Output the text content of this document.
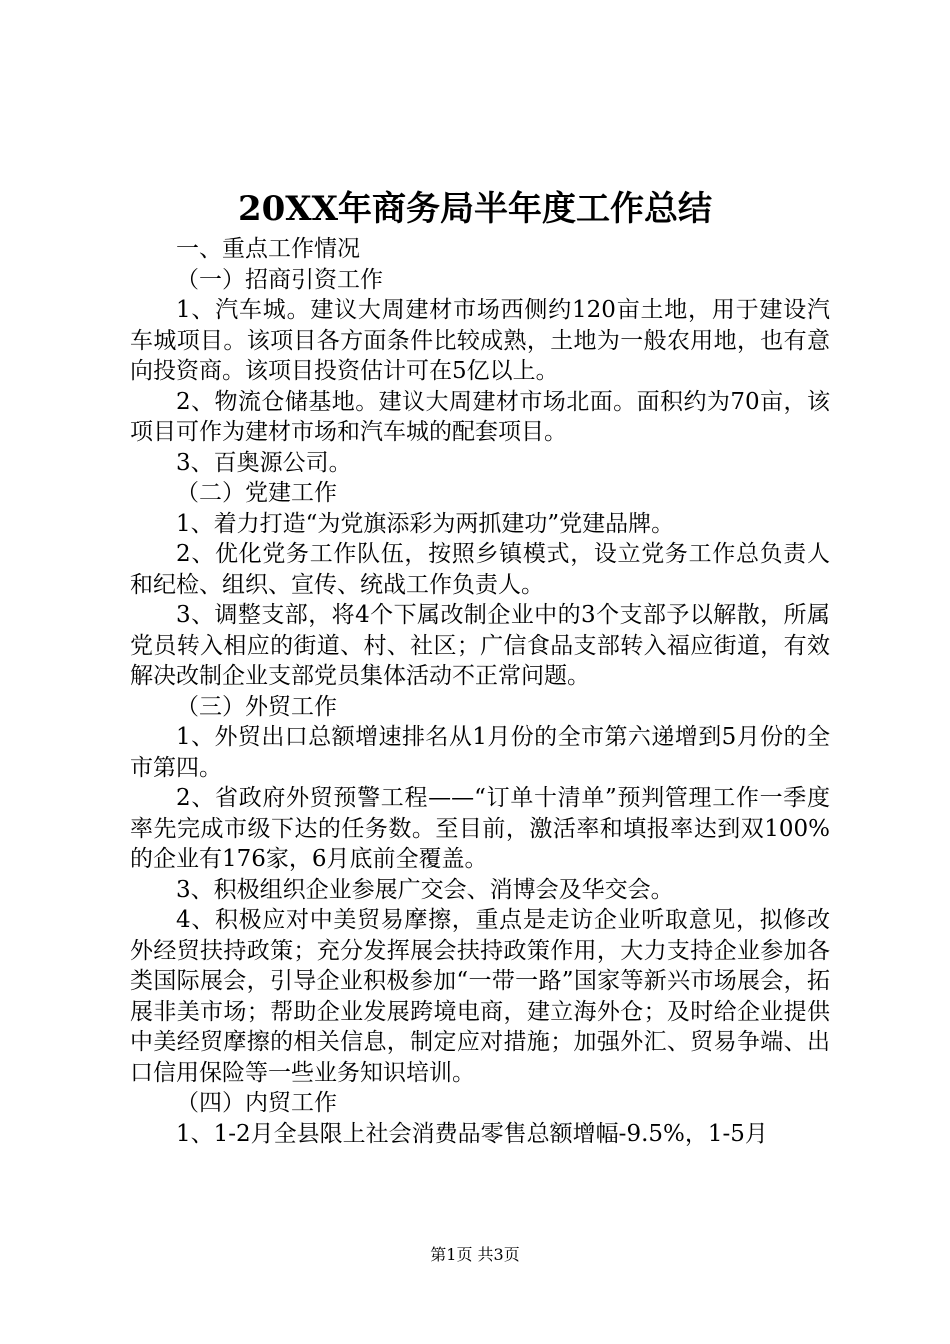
20XX年商务局半年度工作总结

一、重点工作情况

（一）招商引资工作

1、汽车城。建议大周建材市场西侧约120亩土地，用于建设汽车城项目。该项目各方面条件比较成熟，土地为一般农用地，也有意向投资商。该项目投资估计可在5亿以上。

2、物流仓储基地。建议大周建材市场北面。面积约为70亩，该项目可作为建材市场和汽车城的配套项目。

3、百奥源公司。

（二）党建工作

1、着力打造“为党旗添彩为两抓建功”党建品牌。

2、优化党务工作队伍，按照乡镇模式，设立党务工作总负责人和纪检、组织、宣传、统战工作负责人。

3、调整支部，将4个下属改制企业中的3个支部予以解散，所属党员转入相应的街道、村、社区；广信食品支部转入福应街道，有效解决改制企业支部党员集体活动不正常问题。

（三）外贸工作

1、外贸出口总额增速排名从1月份的全市第六递增到5月份的全市第四。

2、省政府外贸预警工程——“订单十清单”预判管理工作一季度率先完成市级下达的任务数。至目前，激活率和填报率达到双100%的企业有176家，6月底前全覆盖。

3、积极组织企业参展广交会、消博会及华交会。

4、积极应对中美贸易摩擦，重点是走访企业听取意见，拟修改外经贸扶持政策；充分发挥展会扶持政策作用，大力支持企业参加各类国际展会，引导企业积极参加“一带一路”国家等新兴市场展会，拓展非美市场；帮助企业发展跨境电商，建立海外仓；及时给企业提供中美经贸摩擦的相关信息，制定应对措施；加强外汇、贸易争端、出口信用保险等一些业务知识培训。

（四）内贸工作

1、1-2月全县限上社会消费品零售总额增幅-9.5%，1-5月

第1页 共3页
